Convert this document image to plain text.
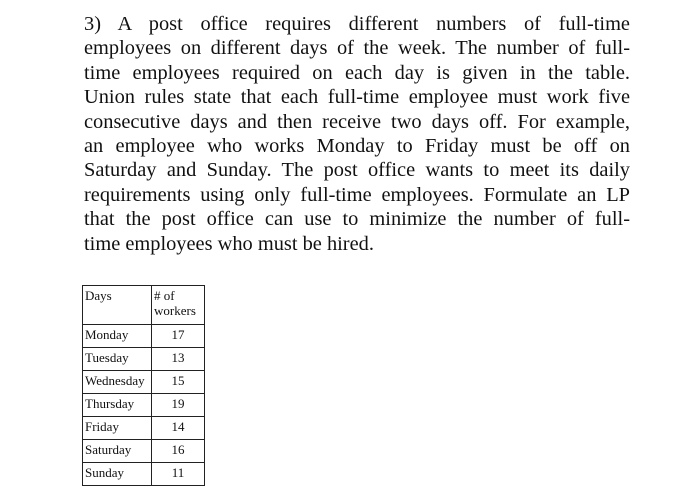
3) A post office requires different numbers of full-time
employees on different days of the week. The number of full-
time employees required on each day is given in the table.
Union rules state that each full-time employee must work five
consecutive days and then receive two days off. For example,
an employee who works Monday to Friday must be off on
Saturday and Sunday. The post office wants to meet its daily
requirements using only full-time employees. Formulate an LP
that the post office can use to minimize the number of full-
time employees who must be hired.
Days	# of
workers

Monday	17
Tuesday	13
Wednesday	15
Thursday	19
Friday	14
Saturday	16
Sunday	11
